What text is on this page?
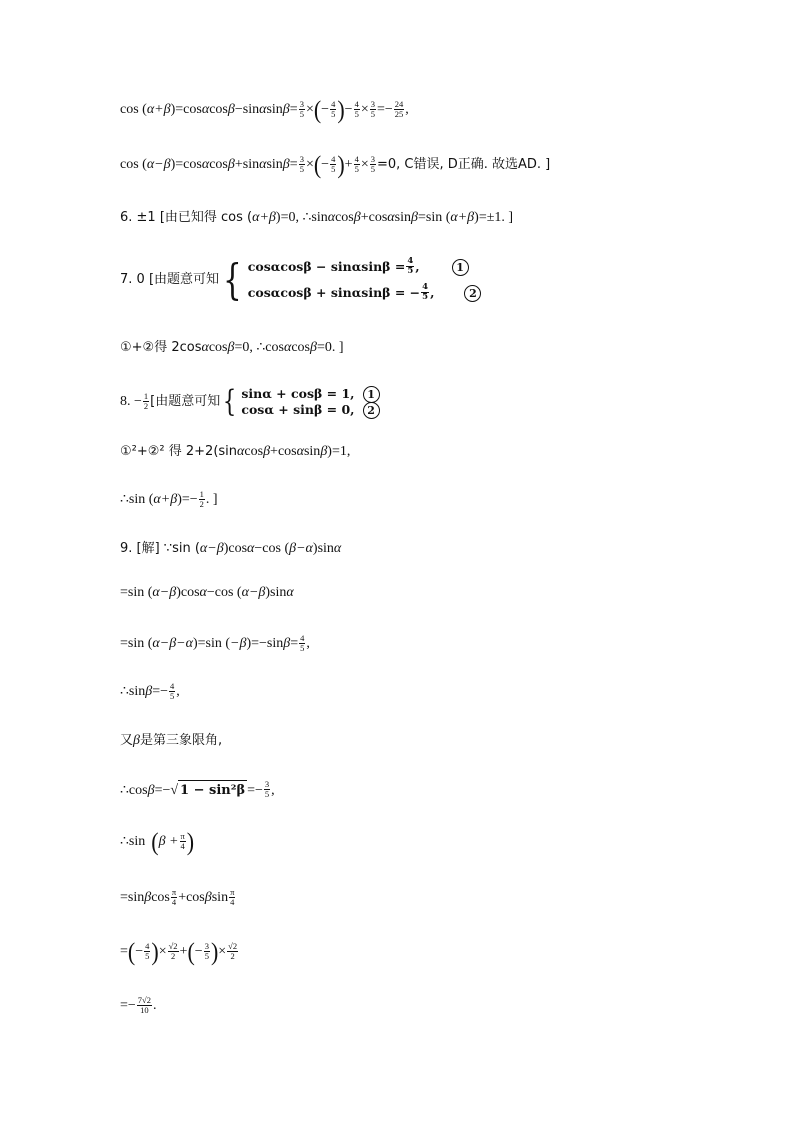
cos ( α+β )=cos α cos β −sin α $\sin \beta = \frac{3}{5}$ × ( − $\frac{4}{5}$ ) − $\frac{4}{5} \times \frac{3}{5} =- \frac{24}{25}$ ,
cos ( α−β )=cos α cos β +sin α $\sin \beta = \frac{3}{5}$ × ( − $\frac{4}{5}$ ) + $\frac{4}{5} \times \frac{3}{5} =0$, C错误, D正确. 故选AD. ]
6. ±1 [由已知得 cos ( α+β )=0, ∴sin α cos β +cos α sin β =sin ( α+β )=±1. ]
7. 0 [由题意可知 { $\cos\alpha\cos\beta - \sin\alpha\sin\beta = \frac{4}{5}$ ,	1
cosαcosβ + sinαsinβ = − $\frac{4}{5}$ ,	2
①+②得 2cos α cos β =0, ∴cos α cos β =0. ]
8. − $\frac{1}{2}$ [由题意可知 { sinα + cosβ = 1,	1
cosα + sinβ = 0,	2
①²+②² 得 2+2(sin α cos β +cos α sin β )=1,
∴sin ( α+β )=− $\frac{1}{2}$ . ]
9. [解] ∵sin ( α−β )cos α −cos ( β−α )sin α
=sin ( α−β )cos α −cos ( α−β )sin α
=sin ( α−β−α )=sin ( −β )=−sin $\beta = \frac{4}{5}$ ,
∴sin $\beta =- \frac{4}{5}$ ,
又 β 是第三象限角,
∴cos β =− √ $1 - \sin^2\beta =- \frac{3}{5}$ ,
∴sin ( $\beta + \frac{\pi}{4}$ )
=sin β $\cos \frac{\pi}{4} +\cos$ β $\sin \frac{\pi}{4}$
= ( − $\frac{4}{5}$ ) × $\frac{√2}{2}$ + ( − $\frac{3}{5}$ ) × $\frac{√2}{2}$
=− $\frac{7√2}{10}$ .
